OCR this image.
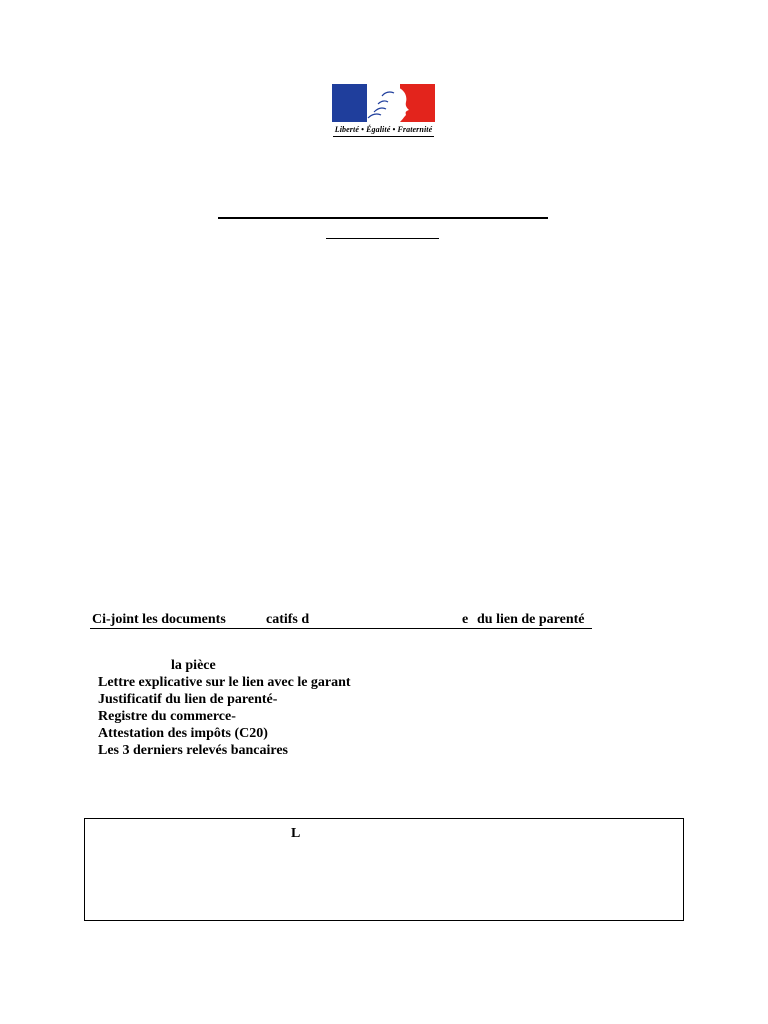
Liberté • Égalité • Fraternité
Ci-joint les documents	catifs d	e du lien de parenté
la pièce
Lettre explicative sur le lien avec le garant
Justificatif du lien de parenté-
Registre du commerce-
Attestation des impôts (C20)
Les 3 derniers relevés bancaires
L
